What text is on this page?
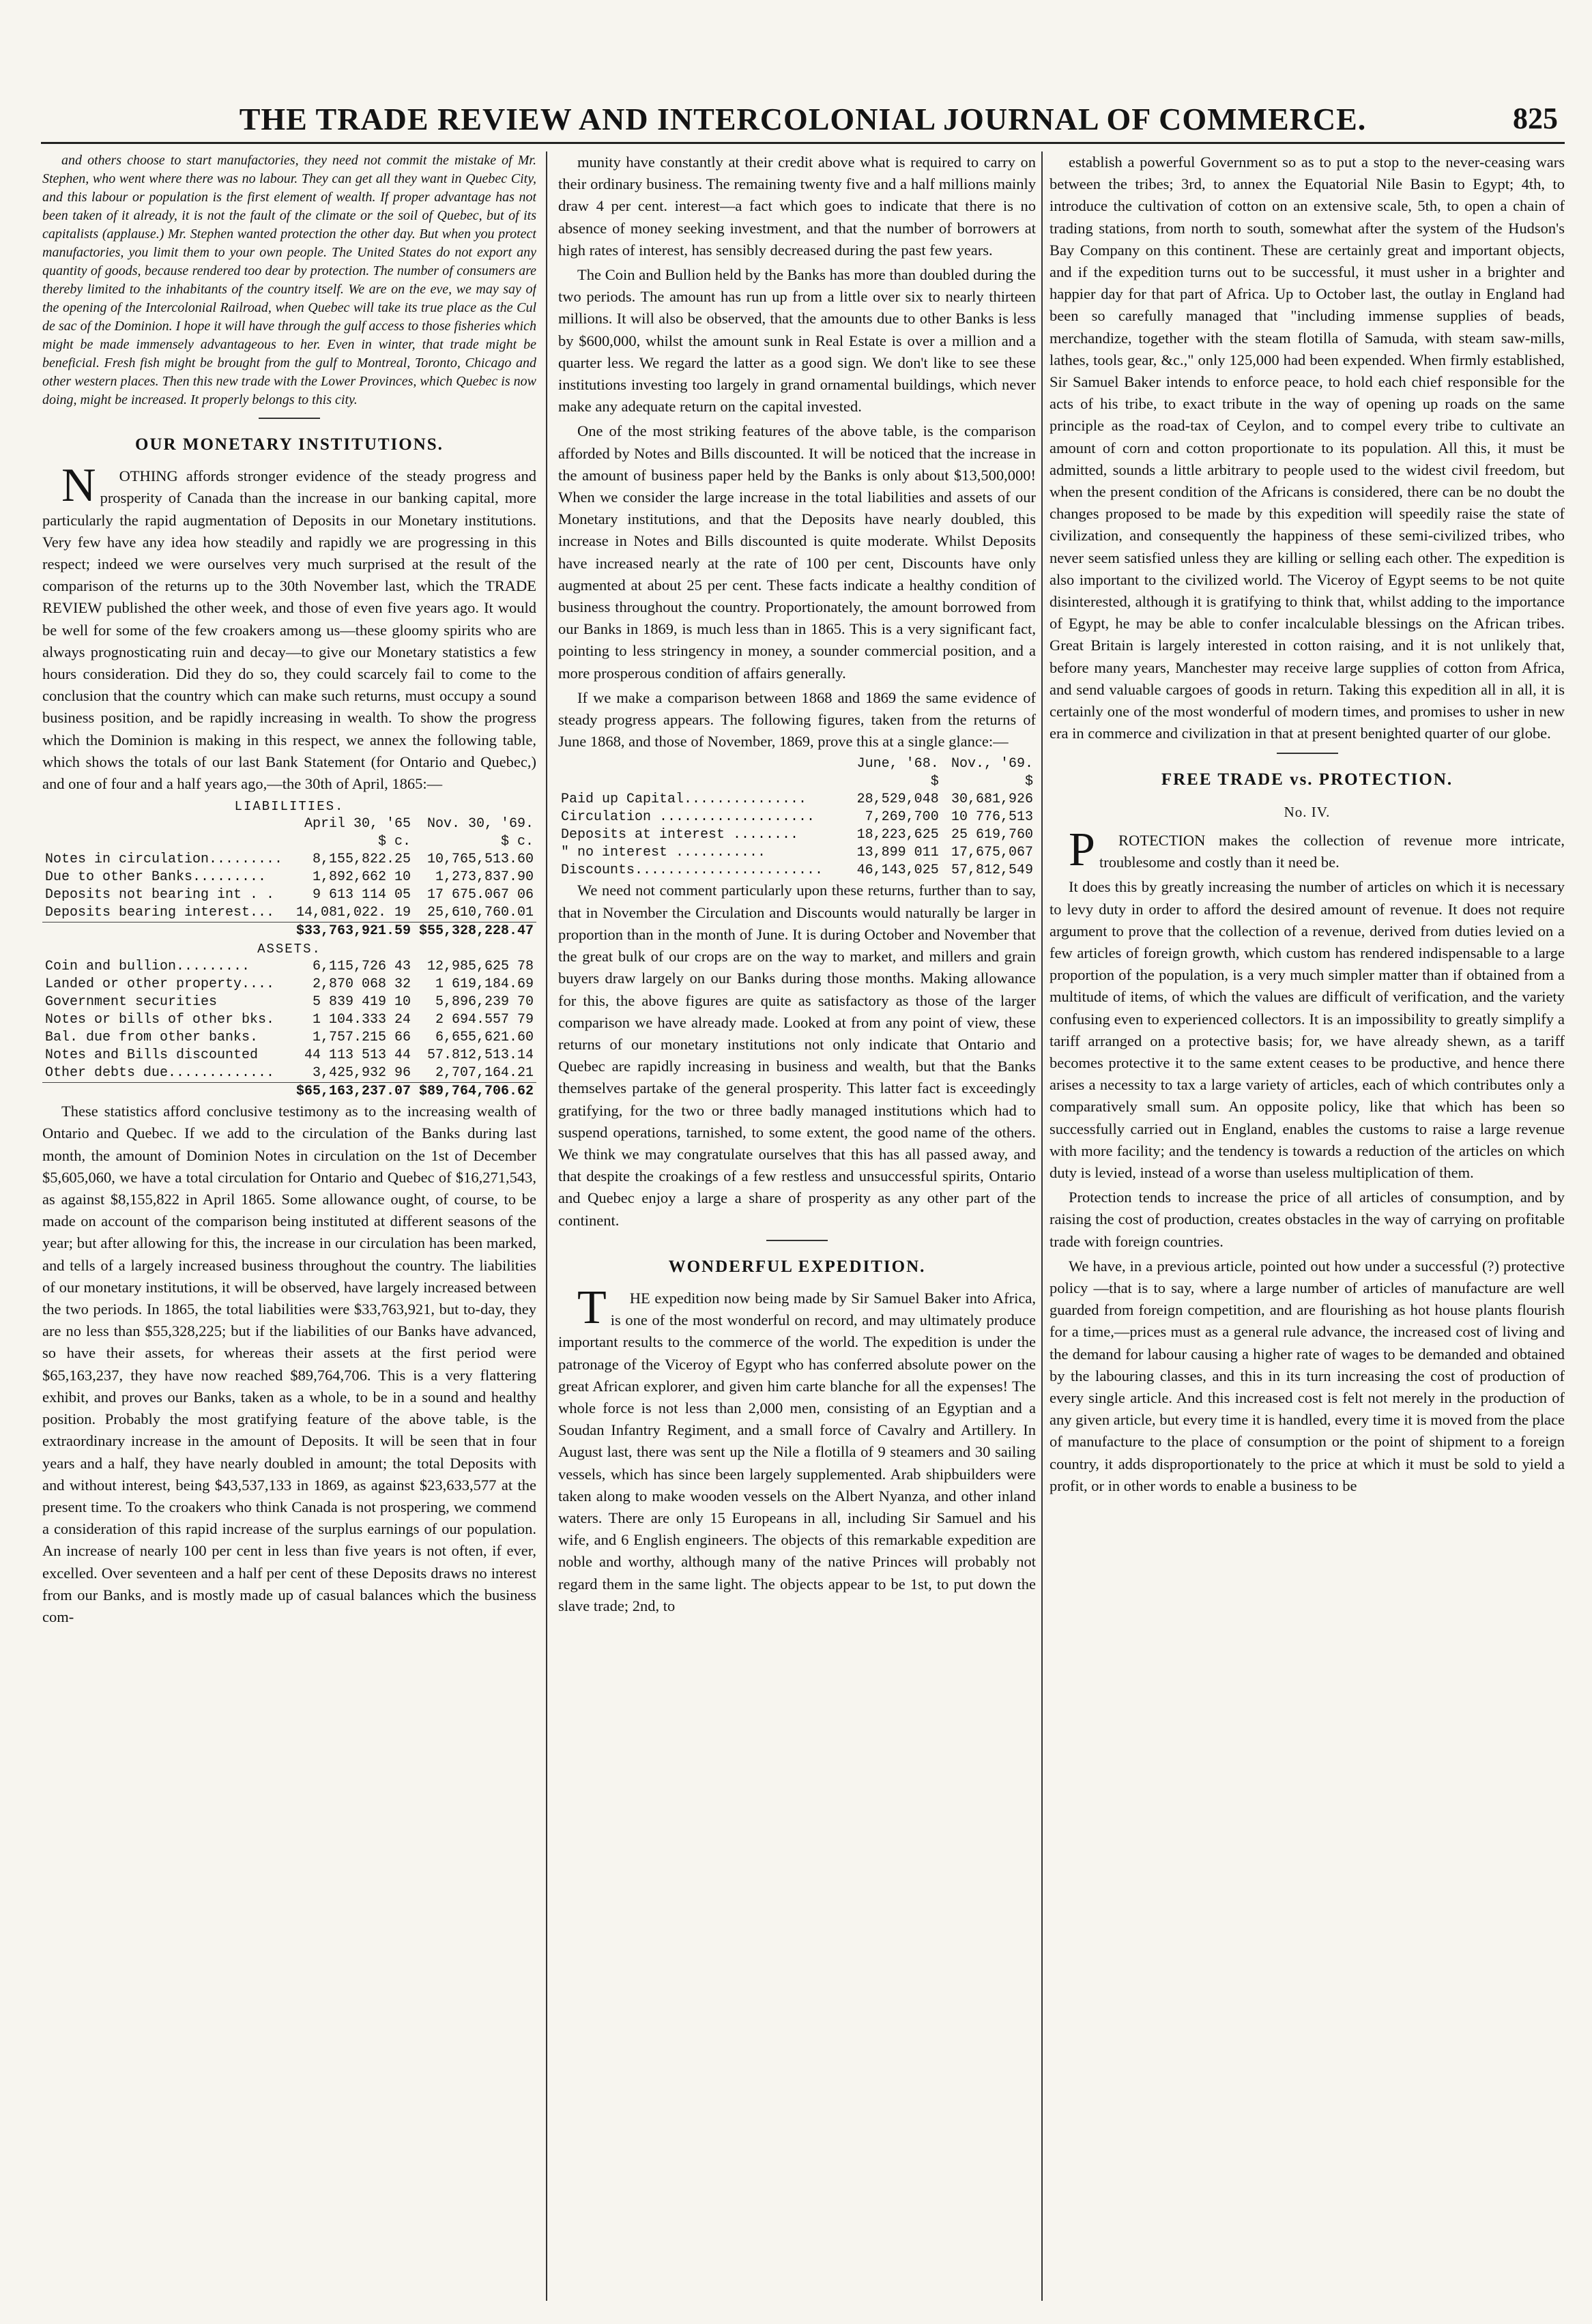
THE TRADE REVIEW AND INTERCOLONIAL JOURNAL OF COMMERCE.	825

and others choose to start manufactories, they need not commit the mistake of Mr. Stephen, who went where there was no labour. They can get all they want in Quebec City, and this labour or population is the first element of wealth. If proper advantage has not been taken of it already, it is not the fault of the climate or the soil of Quebec, but of its capitalists (applause.) Mr. Stephen wanted protection the other day. But when you protect manufactories, you limit them to your own people. The United States do not export any quantity of goods, because rendered too dear by protection. The number of consumers are thereby limited to the inhabitants of the country itself. We are on the eve, we may say of the opening of the Intercolonial Railroad, when Quebec will take its true place as the Cul de sac of the Dominion. I hope it will have through the gulf access to those fisheries which might be made immensely advantageous to her. Even in winter, that trade might be beneficial. Fresh fish might be brought from the gulf to Montreal, Toronto, Chicago and other western places. Then this new trade with the Lower Provinces, which Quebec is now doing, might be increased. It properly belongs to this city.

OUR MONETARY INSTITUTIONS.

NOTHING affords stronger evidence of the steady progress and prosperity of Canada than the increase in our banking capital, more particularly the rapid augmentation of Deposits in our Monetary institutions. Very few have any idea how steadily and rapidly we are progressing in this respect; indeed we were ourselves very much surprised at the result of the comparison of the returns up to the 30th November last, which the TRADE REVIEW published the other week, and those of even five years ago. It would be well for some of the few croakers among us—these gloomy spirits who are always prognosticating ruin and decay—to give our Monetary statistics a few hours consideration. Did they do so, they could scarcely fail to come to the conclusion that the country which can make such returns, must occupy a sound business position, and be rapidly increasing in wealth. To show the progress which the Dominion is making in this respect, we annex the following table, which shows the totals of our last Bank Statement (for Ontario and Quebec,) and one of four and a half years ago,—the 30th of April, 1865:—

LIABILITIES.		
	April 30, '65	Nov. 30, '69.
	$ c.	$ c.
Notes in circulation.........	8,155,822.25	10,765,513.60
Due to other Banks.........	1,892,662 10	1,273,837.90
Deposits not bearing int . .	9 613 114 05	17 675.067 06
Deposits bearing interest...	14,081,022. 19	25,610,760.01
	$33,763,921.59	$55,328,228.47
ASSETS.		
Coin and bullion.........	6,115,726 43	12,985,625 78
Landed or other property....	2,870 068 32	1 619,184.69
Government securities	5 839 419 10	5,896,239 70
Notes or bills of other bks.	1 104.333 24	2 694.557 79
Bal. due from other banks.	1,757.215 66	6,655,621.60
Notes and Bills discounted	44 113 513 44	57.812,513.14
Other debts due.............	3,425,932 96	2,707,164.21
	$65,163,237.07	$89,764,706.62

These statistics afford conclusive testimony as to the increasing wealth of Ontario and Quebec. If we add to the circulation of the Banks during last month, the amount of Dominion Notes in circulation on the 1st of December $5,605,060, we have a total circulation for Ontario and Quebec of $16,271,543, as against $8,155,822 in April 1865. Some allowance ought, of course, to be made on account of the comparison being instituted at different seasons of the year; but after allowing for this, the increase in our circulation has been marked, and tells of a largely increased business throughout the country. The liabilities of our monetary institutions, it will be observed, have largely increased between the two periods. In 1865, the total liabilities were $33,763,921, but to-day, they are no less than $55,328,225; but if the liabilities of our Banks have advanced, so have their assets, for whereas their assets at the first period were $65,163,237, they have now reached $89,764,706. This is a very flattering exhibit, and proves our Banks, taken as a whole, to be in a sound and healthy position. Probably the most gratifying feature of the above table, is the extraordinary increase in the amount of Deposits. It will be seen that in four years and a half, they have nearly doubled in amount; the total Deposits with and without interest, being $43,537,133 in 1869, as against $23,633,577 at the present time. To the croakers who think Canada is not prospering, we commend a consideration of this rapid increase of the surplus earnings of our population. An increase of nearly 100 per cent in less than five years is not often, if ever, excelled. Over seventeen and a half per cent of these Deposits draws no interest from our Banks, and is mostly made up of casual balances which the business com-

munity have constantly at their credit above what is required to carry on their ordinary business. The remaining twenty five and a half millions mainly draw 4 per cent. interest—a fact which goes to indicate that there is no absence of money seeking investment, and that the number of borrowers at high rates of interest, has sensibly decreased during the past few years.

The Coin and Bullion held by the Banks has more than doubled during the two periods. The amount has run up from a little over six to nearly thirteen millions. It will also be observed, that the amounts due to other Banks is less by $600,000, whilst the amount sunk in Real Estate is over a million and a quarter less. We regard the latter as a good sign. We don't like to see these institutions investing too largely in grand ornamental buildings, which never make any adequate return on the capital invested.

One of the most striking features of the above table, is the comparison afforded by Notes and Bills discounted. It will be noticed that the increase in the amount of business paper held by the Banks is only about $13,500,000! When we consider the large increase in the total liabilities and assets of our Monetary institutions, and that the Deposits have nearly doubled, this increase in Notes and Bills discounted is quite moderate. Whilst Deposits have increased nearly at the rate of 100 per cent, Discounts have only augmented at about 25 per cent. These facts indicate a healthy condition of business throughout the country. Proportionately, the amount borrowed from our Banks in 1869, is much less than in 1865. This is a very significant fact, pointing to less stringency in money, a sounder commercial position, and a more prosperous condition of affairs generally.

If we make a comparison between 1868 and 1869 the same evidence of steady progress appears. The following figures, taken from the returns of June 1868, and those of November, 1869, prove this at a single glance:—

	June, '68.	Nov., '69.
	$	$
Paid up Capital...............	28,529,048	30,681,926
Circulation ...................	7,269,700	10 776,513
Deposits at interest ........	18,223,625	25 619,760
" no interest ...........	13,899 011	17,675,067
Discounts.......................	46,143,025	57,812,549

We need not comment particularly upon these returns, further than to say, that in November the Circulation and Discounts would naturally be larger in proportion than in the month of June. It is during October and November that the great bulk of our crops are on the way to market, and millers and grain buyers draw largely on our Banks during those months. Making allowance for this, the above figures are quite as satisfactory as those of the larger comparison we have already made. Looked at from any point of view, these returns of our monetary institutions not only indicate that Ontario and Quebec are rapidly increasing in business and wealth, but that the Banks themselves partake of the general prosperity. This latter fact is exceedingly gratifying, for the two or three badly managed institutions which had to suspend operations, tarnished, to some extent, the good name of the others. We think we may congratulate ourselves that this has all passed away, and that despite the croakings of a few restless and unsuccessful spirits, Ontario and Quebec enjoy a large a share of prosperity as any other part of the continent.

WONDERFUL EXPEDITION.

THE expedition now being made by Sir Samuel Baker into Africa, is one of the most wonderful on record, and may ultimately produce important results to the commerce of the world. The expedition is under the patronage of the Viceroy of Egypt who has conferred absolute power on the great African explorer, and given him carte blanche for all the expenses! The whole force is not less than 2,000 men, consisting of an Egyptian and a Soudan Infantry Regiment, and a small force of Cavalry and Artillery. In August last, there was sent up the Nile a flotilla of 9 steamers and 30 sailing vessels, which has since been largely supplemented. Arab shipbuilders were taken along to make wooden vessels on the Albert Nyanza, and other inland waters. There are only 15 Europeans in all, including Sir Samuel and his wife, and 6 English engineers. The objects of this remarkable expedition are noble and worthy, although many of the native Princes will probably not regard them in the same light. The objects appear to be 1st, to put down the slave trade; 2nd, to

establish a powerful Government so as to put a stop to the never-ceasing wars between the tribes; 3rd, to annex the Equatorial Nile Basin to Egypt; 4th, to introduce the cultivation of cotton on an extensive scale, 5th, to open a chain of trading stations, from north to south, somewhat after the system of the Hudson's Bay Company on this continent. These are certainly great and important objects, and if the expedition turns out to be successful, it must usher in a brighter and happier day for that part of Africa. Up to October last, the outlay in England had been so carefully managed that "including immense supplies of beads, merchandize, together with the steam flotilla of Samuda, with steam saw-mills, lathes, tools gear, &c.," only 125,000 had been expended. When firmly established, Sir Samuel Baker intends to enforce peace, to hold each chief responsible for the acts of his tribe, to exact tribute in the way of opening up roads on the same principle as the road-tax of Ceylon, and to compel every tribe to cultivate an amount of corn and cotton proportionate to its population. All this, it must be admitted, sounds a little arbitrary to people used to the widest civil freedom, but when the present condition of the Africans is considered, there can be no doubt the changes proposed to be made by this expedition will speedily raise the state of civilization, and consequently the happiness of these semi-civilized tribes, who never seem satisfied unless they are killing or selling each other. The expedition is also important to the civilized world. The Viceroy of Egypt seems to be not quite disinterested, although it is gratifying to think that, whilst adding to the importance of Egypt, he may be able to confer incalculable blessings on the African tribes. Great Britain is largely interested in cotton raising, and it is not unlikely that, before many years, Manchester may receive large supplies of cotton from Africa, and send valuable cargoes of goods in return. Taking this expedition all in all, it is certainly one of the most wonderful of modern times, and promises to usher in new era in commerce and civilization in that at present benighted quarter of our globe.

FREE TRADE vs. PROTECTION.
No. IV.

PROTECTION makes the collection of revenue more intricate, troublesome and costly than it need be.

It does this by greatly increasing the number of articles on which it is necessary to levy duty in order to afford the desired amount of revenue. It does not require argument to prove that the collection of a revenue, derived from duties levied on a few articles of foreign growth, which custom has rendered indispensable to a large proportion of the population, is a very much simpler matter than if obtained from a multitude of items, of which the values are difficult of verification, and the variety confusing even to experienced collectors. It is an impossibility to greatly simplify a tariff arranged on a protective basis; for, we have already shewn, as a tariff becomes protective it to the same extent ceases to be productive, and hence there arises a necessity to tax a large variety of articles, each of which contributes only a comparatively small sum. An opposite policy, like that which has been so successfully carried out in England, enables the customs to raise a large revenue with more facility; and the tendency is towards a reduction of the articles on which duty is levied, instead of a worse than useless multiplication of them.

Protection tends to increase the price of all articles of consumption, and by raising the cost of production, creates obstacles in the way of carrying on profitable trade with foreign countries.

We have, in a previous article, pointed out how under a successful (?) protective policy —that is to say, where a large number of articles of manufacture are well guarded from foreign competition, and are flourishing as hot house plants flourish for a time,—prices must as a general rule advance, the increased cost of living and the demand for labour causing a higher rate of wages to be demanded and obtained by the labouring classes, and this in its turn increasing the cost of production of every single article. And this increased cost is felt not merely in the production of any given article, but every time it is handled, every time it is moved from the place of manufacture to the place of consumption or the point of shipment to a foreign country, it adds disproportionately to the price at which it must be sold to yield a profit, or in other words to enable a business to be
